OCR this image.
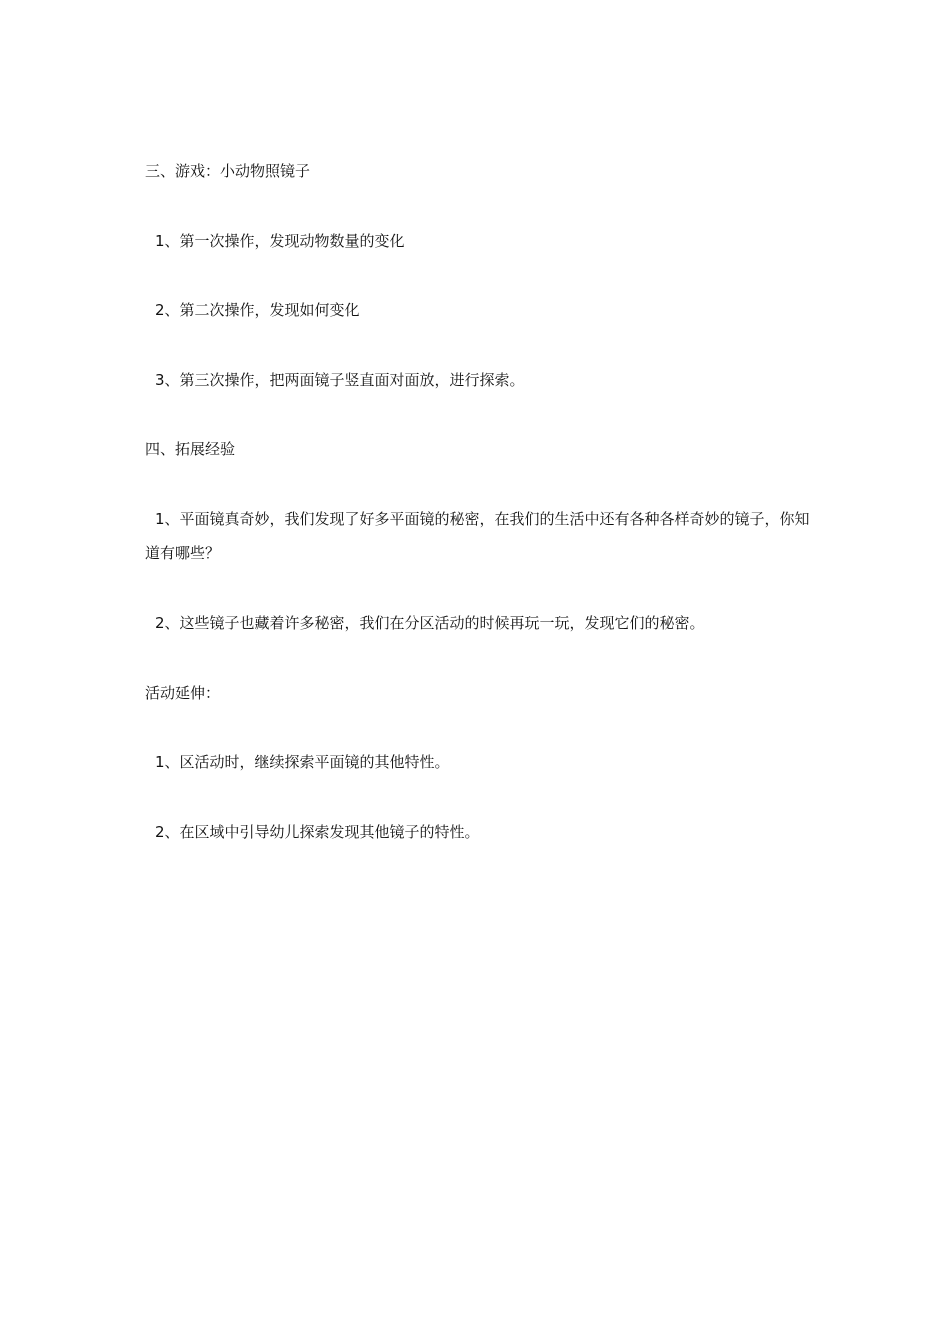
三、游戏：小动物照镜子
1、第一次操作，发现动物数量的变化
2、第二次操作，发现如何变化
3、第三次操作，把两面镜子竖直面对面放，进行探索。
四、拓展经验
1、平面镜真奇妙，我们发现了好多平面镜的秘密，在我们的生活中还有各种各样奇妙的镜子，你知道有哪些？
2、这些镜子也藏着许多秘密，我们在分区活动的时候再玩一玩，发现它们的秘密。
活动延伸：
1、区活动时，继续探索平面镜的其他特性。
2、在区域中引导幼儿探索发现其他镜子的特性。
